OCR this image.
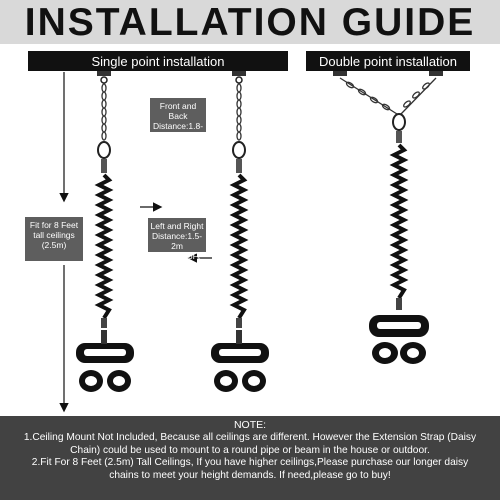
INSTALLATION GUIDE
Single point installation	Double point installation
Front and Back
Distance:1.8-2m
5.9Ft-6.56Ft
Left and Right
Distance:1.5-2m
4.9Ft-6.56Ft
Fit for 8 Feet
tall ceilings
(2.5m)
NOTE:
1.Ceiling Mount Not Included, Because all ceilings are different. However the Extension Strap (Daisy
Chain) could be used to mount to a round pipe or beam in the house or outdoor.
2.Fit For 8 Feet (2.5m) Tall Ceilings, If you have higher ceilings,Please purchase our longer daisy
chains to meet your height demands. If need,please go to buy!
